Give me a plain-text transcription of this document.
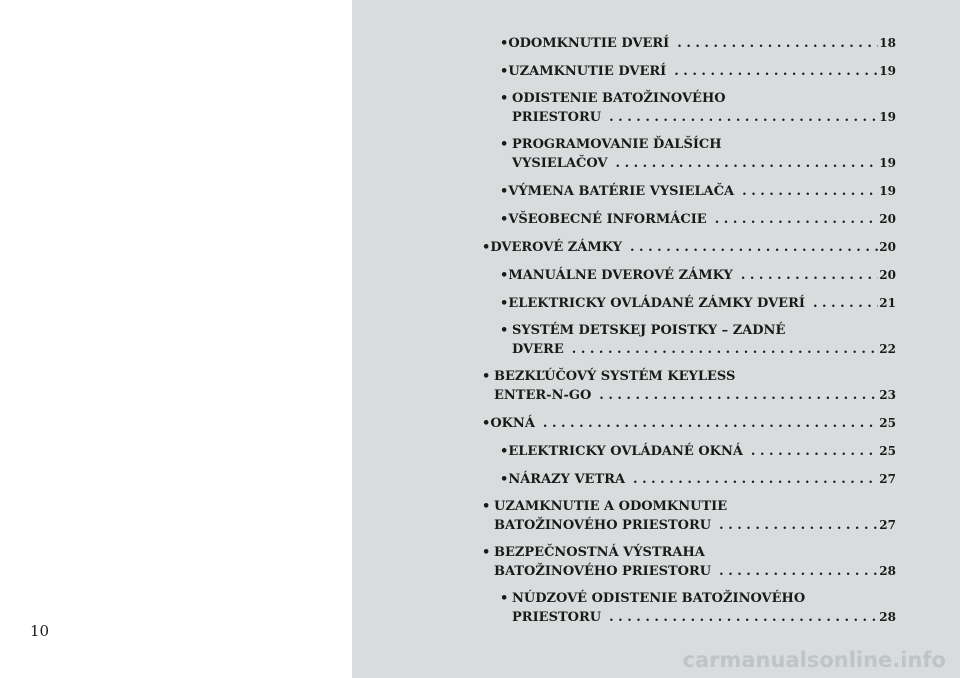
10
• ODOMKNUTIE DVERÍ . . .	18
• UZAMKNUTIE DVERÍ . . .	19
• ODISTENIE BATOŽINOVÉHO
PRIESTORU . . .	19
• PROGRAMOVANIE ĎALŠÍCH
VYSIELAČOV . . .	19
• VÝMENA BATÉRIE VYSIELAČA . . .	19
• VŠEOBECNÉ INFORMÁCIE . . .	20
• DVEROVÉ ZÁMKY . . .	20
• MANUÁLNE DVEROVÉ ZÁMKY . . .	20
• ELEKTRICKY OVLÁDANÉ ZÁMKY DVERÍ . . .	21
• SYSTÉM DETSKEJ POISTKY – ZADNÉ
DVERE . . .	22
• BEZKĽÚČOVÝ SYSTÉM KEYLESS
ENTER-N-GO . . .	23
• OKNÁ . . .	25
• ELEKTRICKY OVLÁDANÉ OKNÁ . . .	25
• NÁRAZY VETRA . . .	27
• UZAMKNUTIE A ODOMKNUTIE
BATOŽINOVÉHO PRIESTORU . . .	27
• BEZPEČNOSTNÁ VÝSTRAHA
BATOŽINOVÉHO PRIESTORU . . .	28
• NÚDZOVÉ ODISTENIE BATOŽINOVÉHO
PRIESTORU . . .	28
carmanualsonline.info
